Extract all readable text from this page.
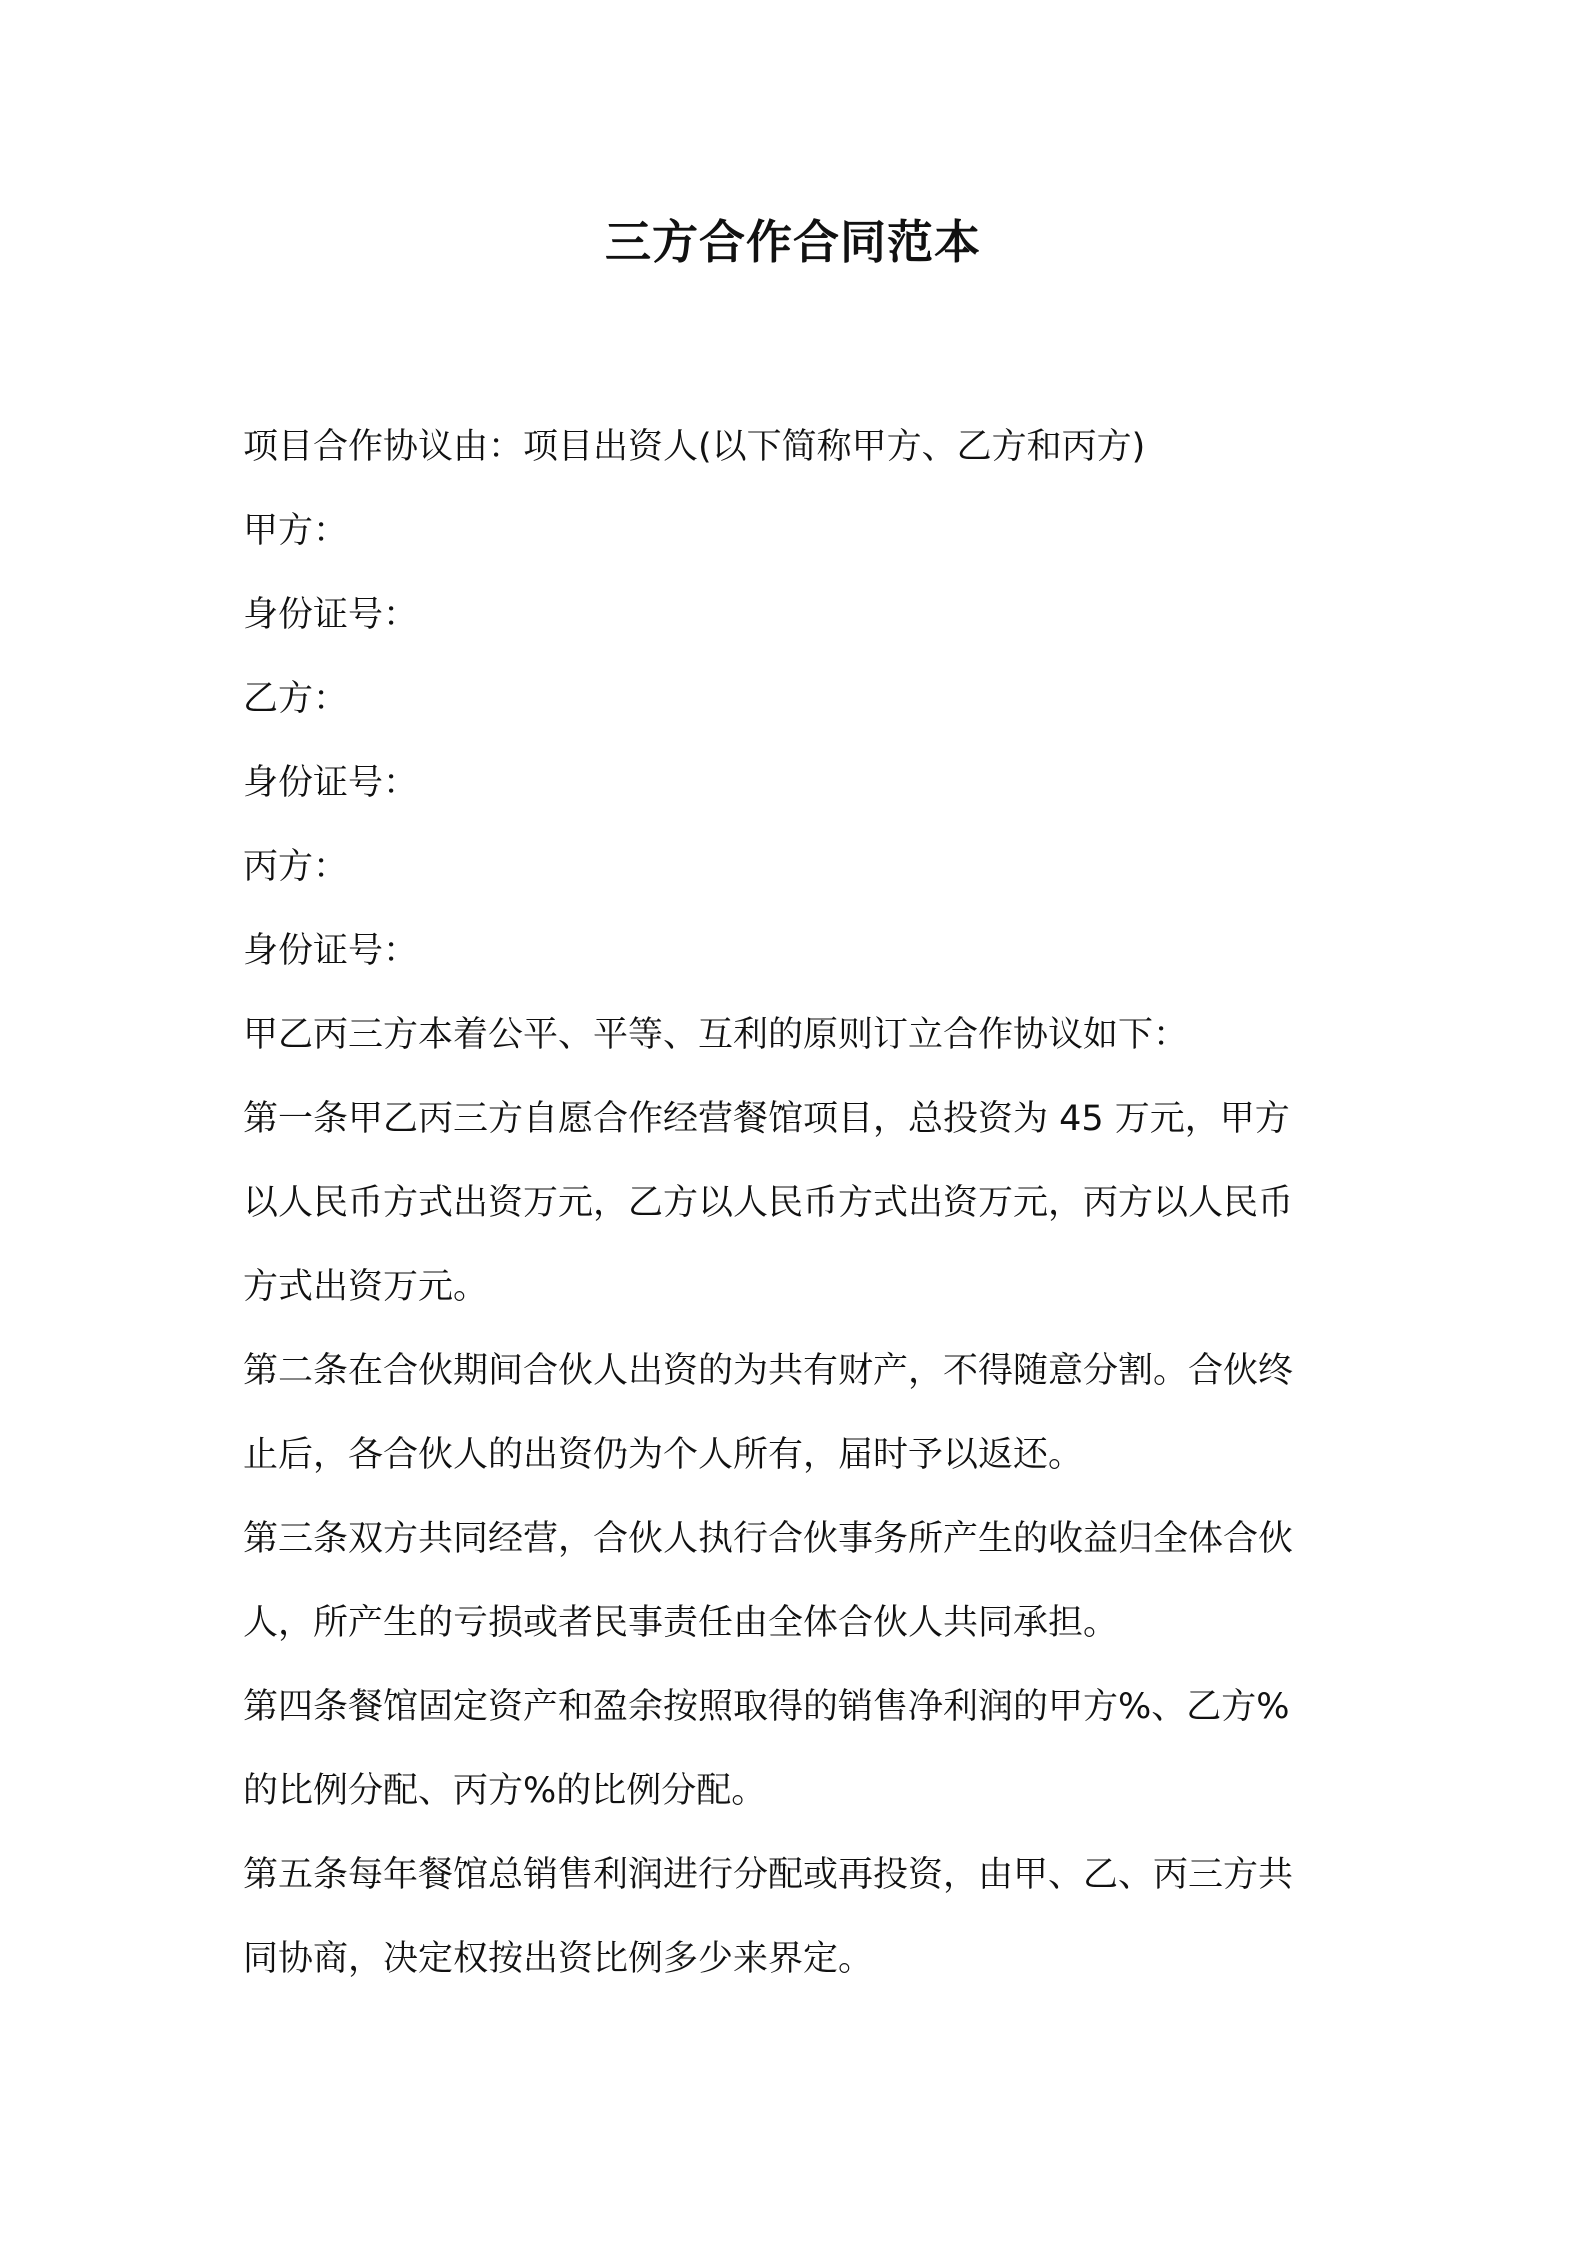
三方合作合同范本
项目合作协议由：项目出资人(以下简称甲方、乙方和丙方)
甲方：
身份证号：
乙方：
身份证号：
丙方：
身份证号：
甲乙丙三方本着公平、平等、互利的原则订立合作协议如下：
第一条甲乙丙三方自愿合作经营餐馆项目，总投资为 45 万元，甲方
以人民币方式出资万元，乙方以人民币方式出资万元，丙方以人民币
方式出资万元。
第二条在合伙期间合伙人出资的为共有财产，不得随意分割。合伙终
止后，各合伙人的出资仍为个人所有，届时予以返还。
第三条双方共同经营，合伙人执行合伙事务所产生的收益归全体合伙
人，所产生的亏损或者民事责任由全体合伙人共同承担。
第四条餐馆固定资产和盈余按照取得的销售净利润的甲方%、乙方%
的比例分配、丙方%的比例分配。
第五条每年餐馆总销售利润进行分配或再投资，由甲、乙、丙三方共
同协商，决定权按出资比例多少来界定。
